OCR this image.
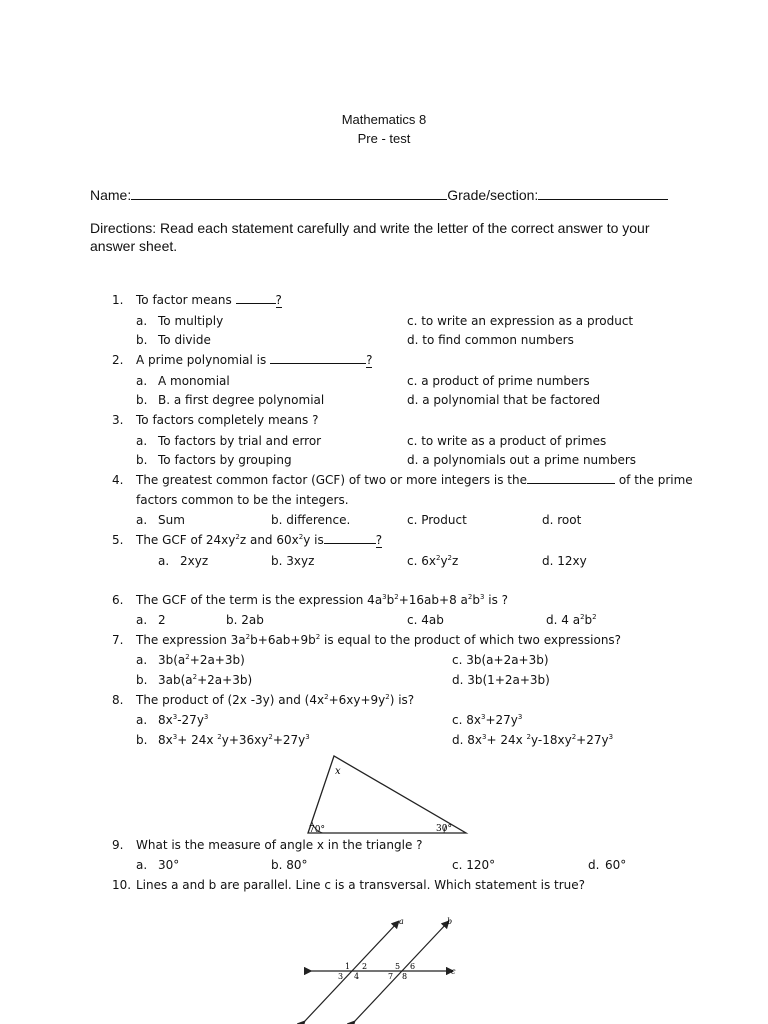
Mathematics 8
Pre - test
Name:	Grade/section:
Directions: Read each statement carefully and write the letter of the correct answer to your answer sheet.
1. To factor means	?
a. To multiply	c. to write an expression as a product
b. To divide	d. to find common numbers
2. A prime polynomial is	?
a. A monomial	c. a product of prime numbers
b. B. a first degree polynomial	d. a polynomial that be factored
3. To factors completely means ?
a. To factors by trial and error	c. to write as a product of primes
b. To factors by grouping	d. a polynomials out a prime numbers
4. The greatest common factor (GCF) of two or more integers is the	of the prime
factors common to be the integers.
a. Sum	b. difference.	c. Product	d. root
5. The GCF of $24xy^2z$ and $60x^2y$ is	?
a. 2xyz	b. 3xyz	c. $6x^2y^2z$	d. 12xy
6. The GCF of the term is the expression $4a^3b^2+16ab+8$ $a^2b^3$ is ?
a. 2	b. 2ab	c. 4ab	d. 4 $a^2b^2$
7. The expression $3a^2b+6ab+9b^2$ is equal to the product of which two expressions?
a. $3b(a^2+2a+3b)$	c. 3b(a+2a+3b)
b. $3ab(a^2+2a+3b)$	d. 3b(1+2a+3b)
8. The product of (2x -3y) and $(4x^2+6xy+9y^2)$ is?
a. $8x^3-27y^3$	c. $8x^3+27y^3$
b. $8x^3+ 24x$ $^2y+36xy^2+27y^3$	d. $8x^3+ 24x$ $^2y-18xy^2+27y^3$
x
70°	30°
9. What is the measure of angle x in the triangle ?
a. 30°	b. 80°	c. 120°	d. 60°
10. Lines a and b are parallel. Line c is a transversal. Which statement is true?
a	b
c
1 2
3 4
5 6
7 8
